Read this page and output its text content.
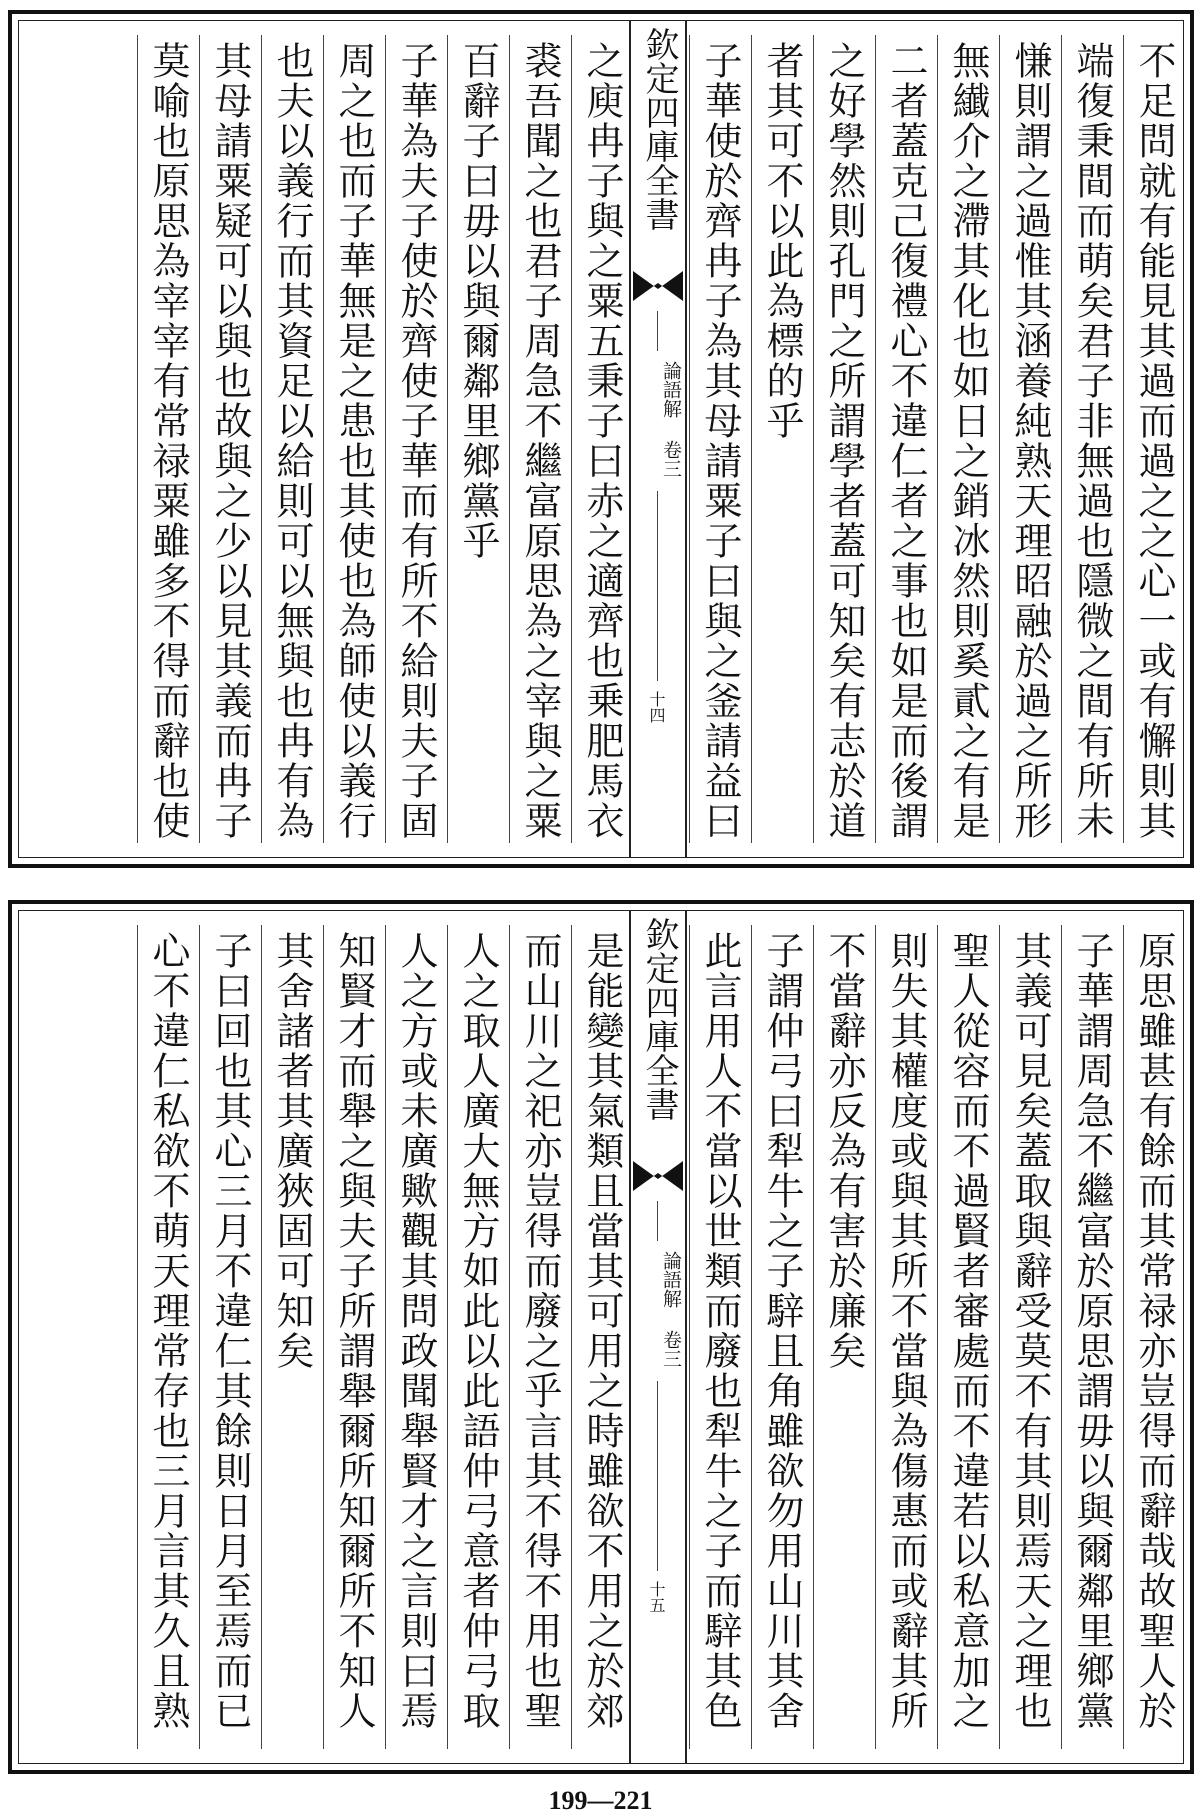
不足問就有能見其過而過之之心一或有懈則其
端復秉間而萌矣君子非無過也隱微之間有所未
慊則謂之過惟其涵養純熟天理昭融於過之所形
無纎介之滯其化也如日之銷冰然則奚貳之有是
二者蓋克己復禮心不違仁者之事也如是而後謂
之好學然則孔門之所謂學者蓋可知矣有志於道
者其可不以此為標的乎
子華使於齊冉子為其母請粟子曰與之釜請益曰
欽定四庫全書
論語解 卷三
十四
之庾冉子與之粟五秉子曰赤之適齊也乗肥馬衣
裘吾聞之也君子周急不繼富原思為之宰與之粟
百辭子曰毋以與爾鄰里鄉黨乎
子華為夫子使於齊使子華而有所不給則夫子固
周之也而子華無是之患也其使也為師使以義行
也夫以義行而其資足以給則可以無與也冉有為
其母請粟疑可以與也故與之少以見其義而冉子
莫喻也原思為宰宰有常禄粟雖多不得而辭也使
原思雖甚有餘而其常禄亦豈得而辭哉故聖人於
子華謂周急不繼富於原思謂毋以與爾鄰里鄉黨
其義可見矣蓋取與辭受莫不有其則焉天之理也
聖人從容而不過賢者審處而不違若以私意加之
則失其權度或與其所不當與為傷惠而或辭其所
不當辭亦反為有害於廉矣
子謂仲弓曰犁牛之子騂且角雖欲勿用山川其舍
此言用人不當以世類而廢也犁牛之子而騂其色
欽定四庫全書
論語解 卷三
十五
是能變其氣類且當其可用之時雖欲不用之於郊
而山川之祀亦豈得而廢之乎言其不得不用也聖
人之取人廣大無方如此以此語仲弓意者仲弓取
人之方或未廣歟觀其問政聞舉賢才之言則曰焉
知賢才而舉之與夫子所謂舉爾所知爾所不知人
其舍諸者其廣狹固可知矣
子曰回也其心三月不違仁其餘則日月至焉而已
心不違仁私欲不萌天理常存也三月言其久且熟
199—221
